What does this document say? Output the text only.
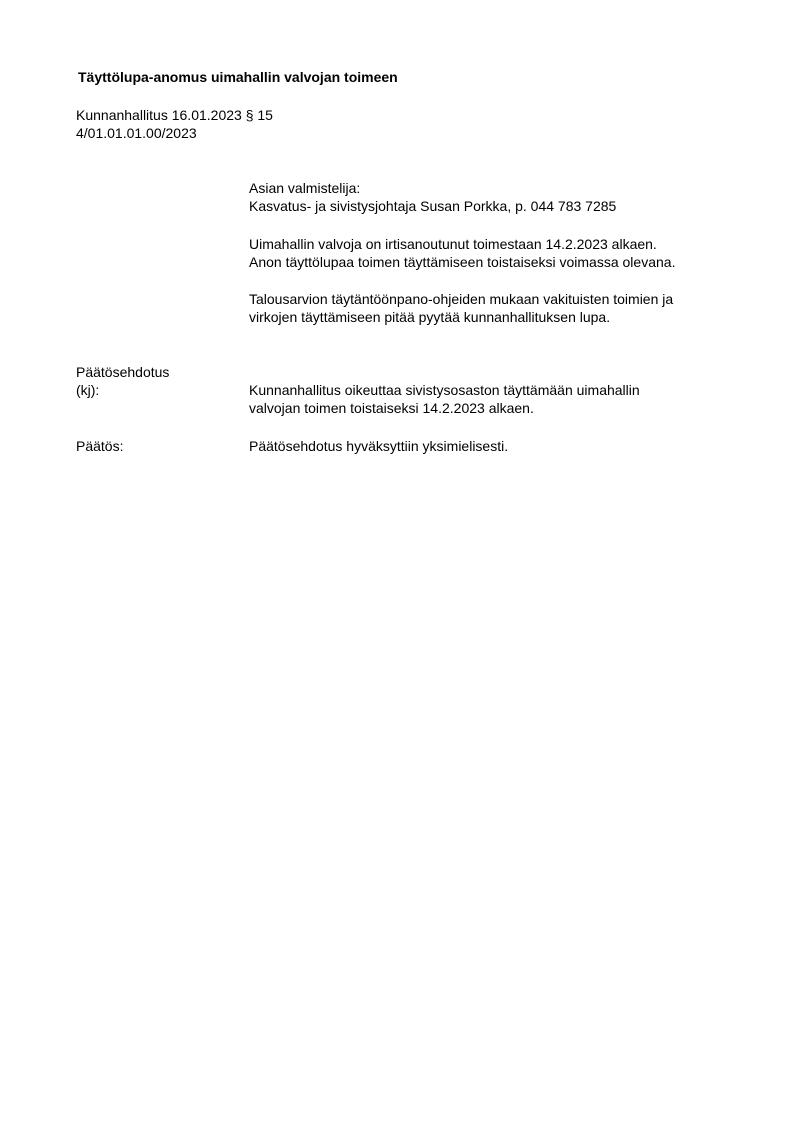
Täyttölupa-anomus uimahallin valvojan toimeen
Kunnanhallitus 16.01.2023 § 15
4/01.01.01.00/2023
Asian valmistelija:
Kasvatus- ja sivistysjohtaja Susan Porkka, p. 044 783 7285
Uimahallin valvoja on irtisanoutunut toimestaan 14.2.2023 alkaen.
Anon täyttölupaa toimen täyttämiseen toistaiseksi voimassa olevana.
Talousarvion täytäntöönpano-ohjeiden mukaan vakituisten toimien ja
virkojen täyttämiseen pitää pyytää kunnanhallituksen lupa.
Päätösehdotus
(kj):	Kunnanhallitus oikeuttaa sivistysosaston täyttämään uimahallin
valvojan toimen toistaiseksi 14.2.2023 alkaen.
Päätös:	Päätösehdotus hyväksyttiin yksimielisesti.
